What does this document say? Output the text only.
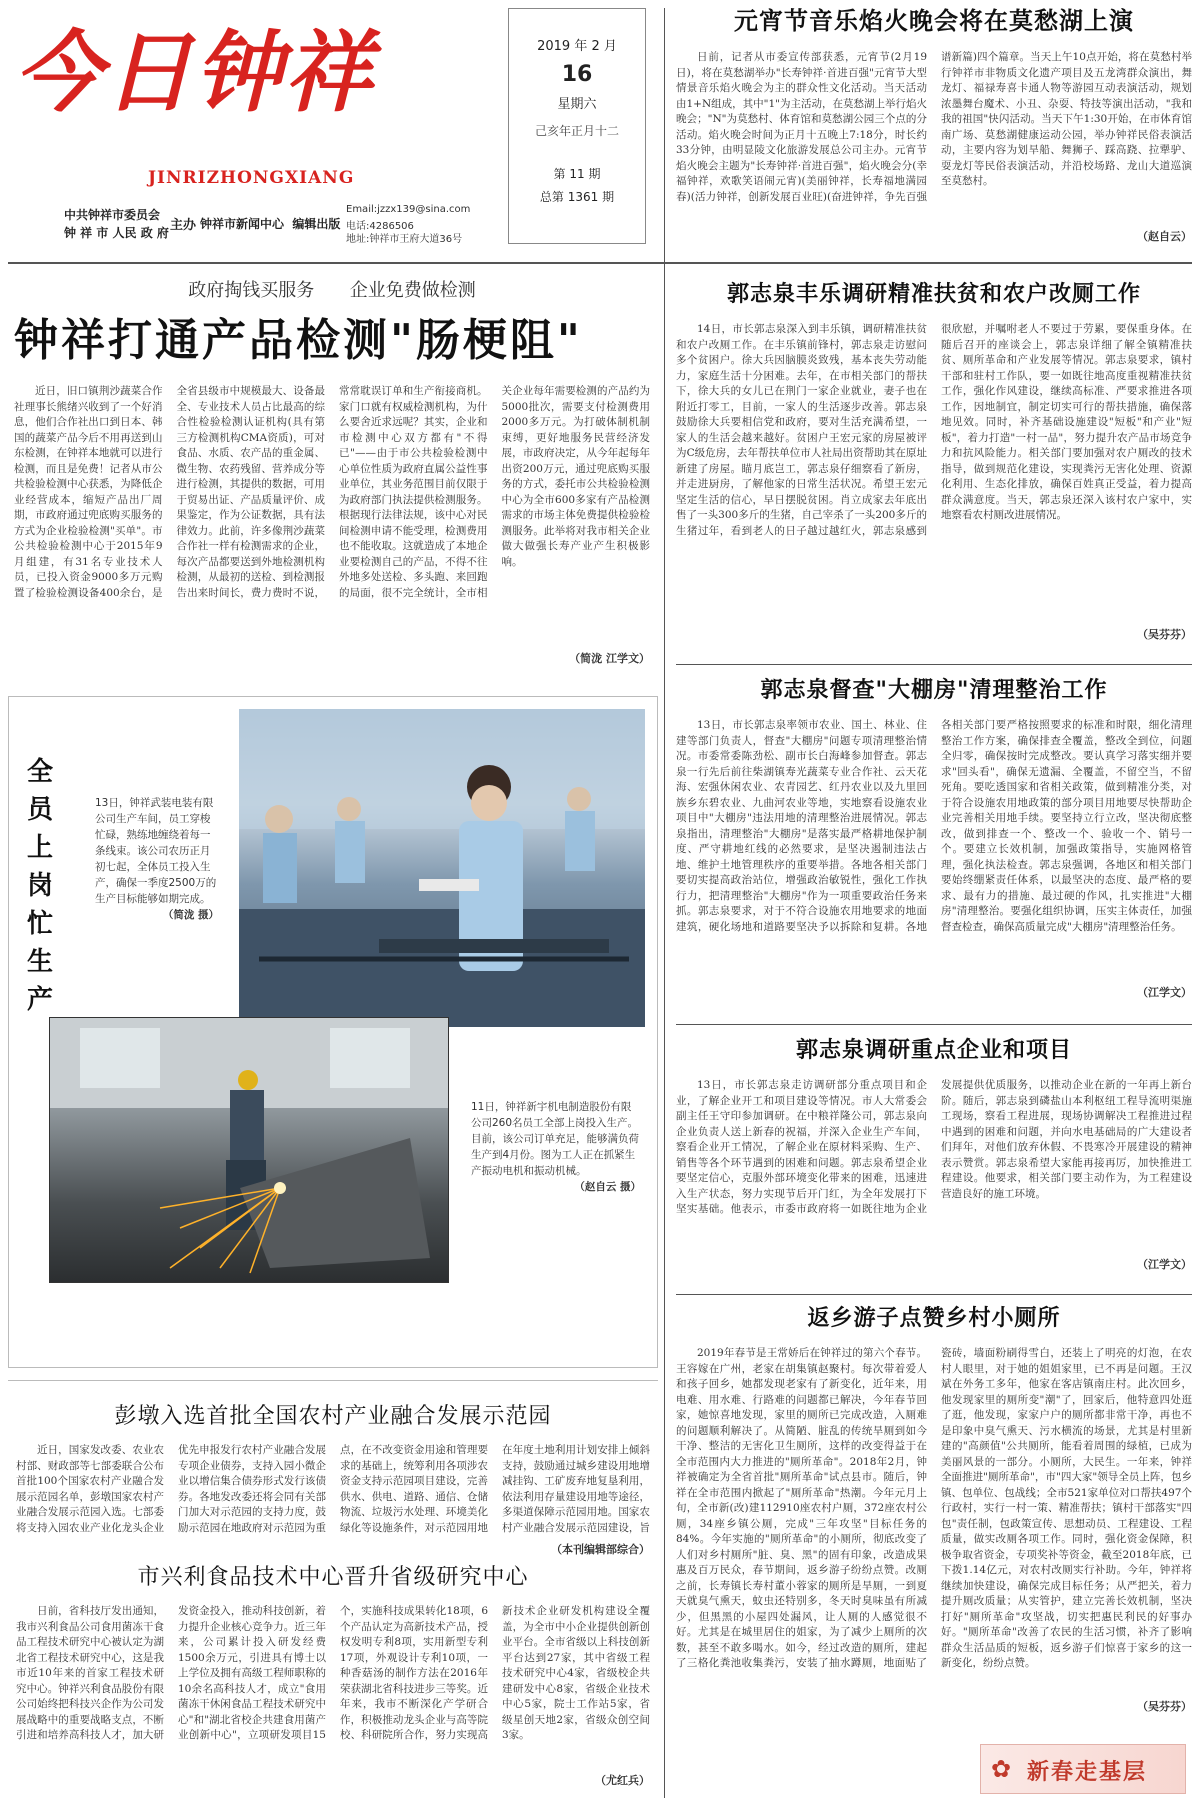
今日钟祥
JINRIZHONGXIANG
中共钟祥市委员会
钟 祥 市 人民 政 府 主办 钟祥市新闻中心  编辑出版
Email:jzzx139@sina.com
电话:4286506
地址:钟祥市王府大道36号
2019 年 2 月
16
星期六
己亥年正月十二
第 11 期
总第 1361 期
元宵节音乐焰火晚会将在莫愁湖上演
日前，记者从市委宣传部获悉，元宵节(2月19日)，将在莫愁湖举办"长寿钟祥·首进百强"元宵节大型情景音乐焰火晚会为主的群众性文化活动。当天活动由1+N组成，其中"1"为主活动，在莫愁湖上举行焰火晚会；"N"为莫愁村、体育馆和莫愁湖公园三个点的分活动。焰火晚会时间为正月十五晚上7:18分，时长约33分钟，由明显陵文化旅游发展总公司主办。元宵节焰火晚会主题为"长寿钟祥·首进百强"，焰火晚会分(幸福钟祥，欢歌笑语闹元宵)(美丽钟祥，长寿福地满园春)(活力钟祥，创新发展百业旺)(奋进钟祥，争先百强谱新篇)四个篇章。当天上午10点开始，将在莫愁村举行钟祥市非物质文化遗产项目及五龙湾群众演出，舞龙灯、福禄寿喜卡通人物等游园互动表演活动，规划浓墨舞台魔术、小丑、杂耍、特技等演出活动，"我和我的祖国"快闪活动。当天下午1:30开始，在市体育馆南广场、莫愁湖健康运动公园，举办钟祥民俗表演活动，主要内容为划旱船、舞狮子、踩高跷、拉犟驴、耍龙灯等民俗表演活动，并沿校场路、龙山大道巡演至莫愁村。
（赵自云）
政府掏钱买服务 企业免费做检测
钟祥打通产品检测"肠梗阻"
近日，旧口镇荆沙蔬菜合作社理事长熊绪兴收到了一个好消息，他们合作社出口到日本、韩国的蔬菜产品今后不用再送到山东检测，在钟祥本地就可以进行检测，而且是免费！记者从市公共检验检测中心获悉，为降低企业经营成本，缩短产品出厂周期，市政府通过兜底购买服务的方式为企业检验检测"买单"。市公共检验检测中心于2015年9月组建，有31名专业技术人员，已投入资金9000多万元购置了检验检测设备400余台，是全省县级市中规模最大、设备最全、专业技术人员占比最高的综合性检验检测认证机构(具有第三方检测机构CMA资质)，可对食品、水质、农产品的重金属、微生物、农药残留、营养成分等进行检测，其提供的数据，可用于贸易出证、产品质量评价、成果鉴定，作为公证数据，具有法律效力。此前，许多像荆沙蔬菜合作社一样有检测需求的企业，每次产品都要送到外地检测机构检测，从最初的送检、到检测报告出来时间长，费力费时不说，常常耽误订单和生产衔接商机。家门口就有权威检测机构，为什么要舍近求远呢？其实，企业和市检测中心双方都有"不得已"——由于市公共检验检测中心单位性质为政府直属公益性事业单位，其业务范围目前仅限于为政府部门执法提供检测服务。根据现行法律法规，该中心对民间检测申请不能受理，检测费用也不能收取。这就造成了本地企业要检测自己的产品，不得不往外地多处送检、多头跑、来回跑的局面，很不完全统计，全市相关企业每年需要检测的产品约为5000批次，需要支付检测费用2000多万元。为打破体制机制束缚，更好地服务民营经济发展，市政府决定，从今年起每年出资200万元，通过兜底购买服务的方式，委托市公共检验检测中心为全市600多家有产品检测需求的市场主体免费提供检验检测服务。此举将对我市相关企业做大做强长寿产业产生积极影响。
（简泷 江学文）
全员上岗忙生产
13日，钟祥武装电装有限公司生产车间，员工穿梭忙碌，熟练地缠绕着每一条线束。该公司农历正月初七起，全体员工投入生产，确保一季度2500万的生产目标能够如期完成。
（简泷 摄）
11日，钟祥新宇机电制造股份有限公司260名员工全部上岗投入生产。目前，该公司订单充足，能够满负荷生产到4月份。图为工人正在抓紧生产振动电机和振动机械。
（赵自云 摄）
彭墩入选首批全国农村产业融合发展示范园
近日，国家发改委、农业农村部、财政部等七部委联合公布首批100个国家农村产业融合发展示范园名单，彭墩国家农村产业融合发展示范园入选。七部委将支持入园农业产业化龙头企业优先申报发行农村产业融合发展专项企业债券，支持入园小微企业以增信集合债券形式发行该债券。各地发改委还将会同有关部门加大对示范园的支持力度，鼓励示范园在地政府对示范园为重点，在不改变资金用途和管理要求的基础上，统筹利用各项涉农资金支持示范园项目建设，完善供水、供电、道路、通信、仓储物流、垃圾污水处理、环境美化绿化等设施条件，对示范园用地在年度土地利用计划安排上倾斜支持，鼓励通过城乡建设用地增减挂钩、工矿废弃地复垦利用，依法利用存量建设用地等途径，多渠道保障示范园用地。国家农村产业融合发展示范园建设，旨
（本刊编辑部综合）
市兴利食品技术中心晋升省级研究中心
日前，省科技厅发出通知，我市兴利食品公司食用菌冻干食品工程技术研究中心被认定为湖北省工程技术研究中心，这是我市近10年来的首家工程技术研究中心。钟祥兴利食品股份有限公司始终把科技兴企作为公司发展战略中的重要战略支点，不断引进和培养高科技人才，加大研发资金投入，推动科技创新，着力提升企业核心竞争力。近三年来，公司累计投入研发经费1500余万元，引进具有博士以上学位及拥有高级工程师职称的10余名高科技人才，成立"食用菌冻干休闲食品工程技术研究中心"和"湖北省校企共建食用菌产业创新中心"，立项研发项目15个，实施科技成果转化18项，6个产品认定为高新技术产品，授权发明专利8项，实用新型专利17项，外观设计专利10项，一种香菇汤的制作方法在2016年荣获湖北省科技进步三等奖。近年来，我市不断深化产学研合作，积极推动龙头企业与高等院校、科研院所合作，努力实现高新技术企业研发机构建设全覆盖，为全市中小企业提供创新创业平台。全市省级以上科技创新平台达到27家，其中省级工程技术研究中心4家，省级校企共建研发中心8家，省级企业技术中心5家，院士工作站5家，省级星创天地2家，省级众创空间3家。
（尤红兵）
郭志泉丰乐调研精准扶贫和农户改厕工作
14日，市长郭志泉深入到丰乐镇，调研精准扶贫和农户改厕工作。在丰乐镇前锋村，郭志泉走访慰问多个贫困户。徐大兵因脑膜炎致残，基本丧失劳动能力，家庭生活十分困难。去年，在市相关部门的帮扶下，徐大兵的女儿已在荆门一家企业就业，妻子也在附近打零工，目前，一家人的生活逐步改善。郭志泉鼓励徐大兵要相信党和政府，要对生活充满希望，一家人的生活会越来越好。贫困户王宏元家的房屋被评为C级危房，去年帮扶单位市人社局出资帮助其在原址新建了房屋。瞄月底岂工，郭志泉仔细察看了新房，并走进厨房，了解他家的日常生活状况。希望王宏元坚定生活的信心，早日摆脱贫困。肖立成家去年底出售了一头300多斤的生猪，自己宰杀了一头200多斤的生猪过年，看到老人的日子越过越红火，郭志泉感到很欣慰，并嘱咐老人不要过于劳累，要保重身体。在随后召开的座谈会上，郭志泉详细了解全镇精准扶贫、厕所革命和产业发展等情况。郭志泉要求，镇村干部和驻村工作队，要一如既往地高度重视精准扶贫工作，强化作风建设，继续高标准、严要求推进各项工作，因地制宜，制定切实可行的帮扶措施，确保落地见效。同时，补齐基础设施建设"短板"和产业"短板"，着力打造"一村一品"，努力提升农产品市场竞争力和抗风险能力。相关部门要加强对农户厕改的技术指导，做到规范化建设，实现粪污无害化处理、资源化利用、生态化排放，确保百姓真正受益，着力提高群众满意度。当天，郭志泉还深入该村农户家中，实地察看农村厕改进展情况。
（吴芬芬）
郭志泉督查"大棚房"清理整治工作
13日，市长郭志泉率领市农业、国土、林业、住建等部门负责人，督查"大棚房"问题专项清理整治情况。市委常委陈劲松、副市长白海峰参加督查。郭志泉一行先后前往柴湖镇寿光蔬菜专业合作社、云天花海、宏强休闲农业、农青园艺、红丹农业以及九里回族乡东碧农业、九曲河农业等地，实地察看设施农业项目中"大棚房"违法用地的清理整治进展情况。郭志泉指出，清理整治"大棚房"是落实最严格耕地保护制度、严守耕地红线的必然要求，是坚决遏制违法占地、维护土地管理秩序的重要举措。各地各相关部门要切实提高政治站位，增强政治敏锐性，强化工作执行力，把清理整治"大棚房"作为一项重要政治任务来抓。郭志泉要求，对于不符合设施农用地要求的地面建筑，硬化场地和道路要坚决予以拆除和复耕。各地各相关部门要严格按照要求的标准和时限，细化清理整治工作方案，确保排查全覆盖，整改全到位，问题全归零，确保按时完成整改。要认真学习落实细并要求"回头看"，确保无遗漏、全覆盖，不留空当，不留死角。要吃透国家和省相关政策，做到精准分类，对于符合设施农用地政策的部分项目用地要尽快帮助企业完善相关用地手续。要坚持立行立改，坚决彻底整改，做到排查一个、整改一个、验收一个、销号一个。要建立长效机制，加强政策指导，实施网格管理，强化执法检查。郭志泉强调，各地区和相关部门要始终绷紧责任体系，以最坚决的态度、最严格的要求、最有力的措施、最过硬的作风，扎实推进"大棚房"清理整治。要强化组织协调，压实主体责任，加强督查检查，确保高质量完成"大棚房"清理整治任务。
（江学文）
郭志泉调研重点企业和项目
13日，市长郭志泉走访调研部分重点项目和企业，了解企业开工和项目建设等情况。市人大常委会副主任王守印参加调研。在中粮祥隆公司，郭志泉向企业负责人送上新春的祝福，并深入企业生产车间，察看企业开工情况，了解企业在原材料采购、生产、销售等各个环节遇到的困难和问题。郭志泉希望企业要坚定信心，克服外部环境变化带来的困难，迅速进入生产状态，努力实现节后开门红，为全年发展打下坚实基础。他表示，市委市政府将一如既往地为企业发展提供优质服务，以推动企业在新的一年再上新台阶。随后，郭志泉到磷盐山本利枢纽工程导流明渠施工现场，察看工程进展，现场协调解决工程推进过程中遇到的困难和问题，并向水电基础局的广大建设者们拜年，对他们放弃休假、不畏寒冷开展建设的精神表示赞赏。郭志泉希望大家能再接再厉，加快推进工程建设。他要求，相关部门要主动作为，为工程建设营造良好的施工环境。
（江学文）
返乡游子点赞乡村小厕所
2019年春节是王常娇后在钟祥过的第六个春节。王容嫁在广州，老家在胡集镇赵聚村。每次带着爱人和孩子回乡，她都发现老家有了新变化，近年来，用电难、用水难、行路难的问题都已解决，今年春节回家，她惊喜地发现，家里的厕所已完成改造，入厕难的问题顺利解决了。从简陋、脏乱的传统旱厕到如今干净、整洁的无害化卫生厕所，这样的改变得益于在全市范围内大力推进的"厕所革命"。2018年2月，钟祥被确定为全省首批"厕所革命"试点县市。随后，钟祥在全市范围内掀起了"厕所革命"热潮。今年元月上旬，全市新(改)建112910座农村户厕，372座农村公厕，34座乡镇公厕，完成"三年攻坚"目标任务的84%。今年实施的"厕所革命"的小厕所，彻底改变了人们对乡村厕所"脏、臭、黑"的固有印象，改造成果惠及百万民众，春节期间，返乡游子纷纷点赞。改厕之前，长寿镇长寿村董小蓉家的厕所是旱厕，一到夏天就臭气熏天，蚊虫还特别多，冬天时臭味虽有所减少，但黑黑的小屋四处漏风，让人厕的人感觉很不好。尤其是在城里居住的姐家，为了减少上厕所的次数，甚至不敢多喝水。如今，经过改造的厕所，建起了三格化粪池收集粪污，安装了抽水蹲厕，地面贴了瓷砖，墙面粉刷得雪白，还装上了明亮的灯泡，在农村人眼里，对于她的姐姐家里，已不再是问题。王汉斌在外务工多年，他家在客店镇南庄村。此次回乡，他发现家里的厕所变"潮"了，回家后，他特意四处逛了逛，他发现，家家户户的厕所都非常干净，再也不是印象中臭气熏天、污水横流的场景，尤其是村里新建的"高颜值"公共厕所，能看着周围的绿植，已成为美丽风景的一部分。小厕所，大民生。一年来，钟祥全面推进"厕所革命"，市"四大家"领导全员上阵，包乡镇、包单位、包战线；全市521家单位对口帮扶497个行政村，实行一村一策、精准帮扶；镇村干部落实"四包"责任制，包政策宣传、思想动员、工程建设、工程质量，做实改厕各项工作。同时，强化资金保障，积极争取省资金，专项奖补等资金，截至2018年底，已下拨1.14亿元，对农村改厕实行补助。今年，钟祥将继续加快建设，确保完成目标任务；从严把关，着力提升厕改质量；从实管护，建立完善长效机制，坚决打好"厕所革命"攻坚战，切实把惠民利民的好事办好。"厕所革命"改善了农民的生活习惯，补齐了影响群众生活品质的短板，返乡游子们惊喜于家乡的这一新变化，纷纷点赞。
（吴芬芬）
✿ 新春走基层
